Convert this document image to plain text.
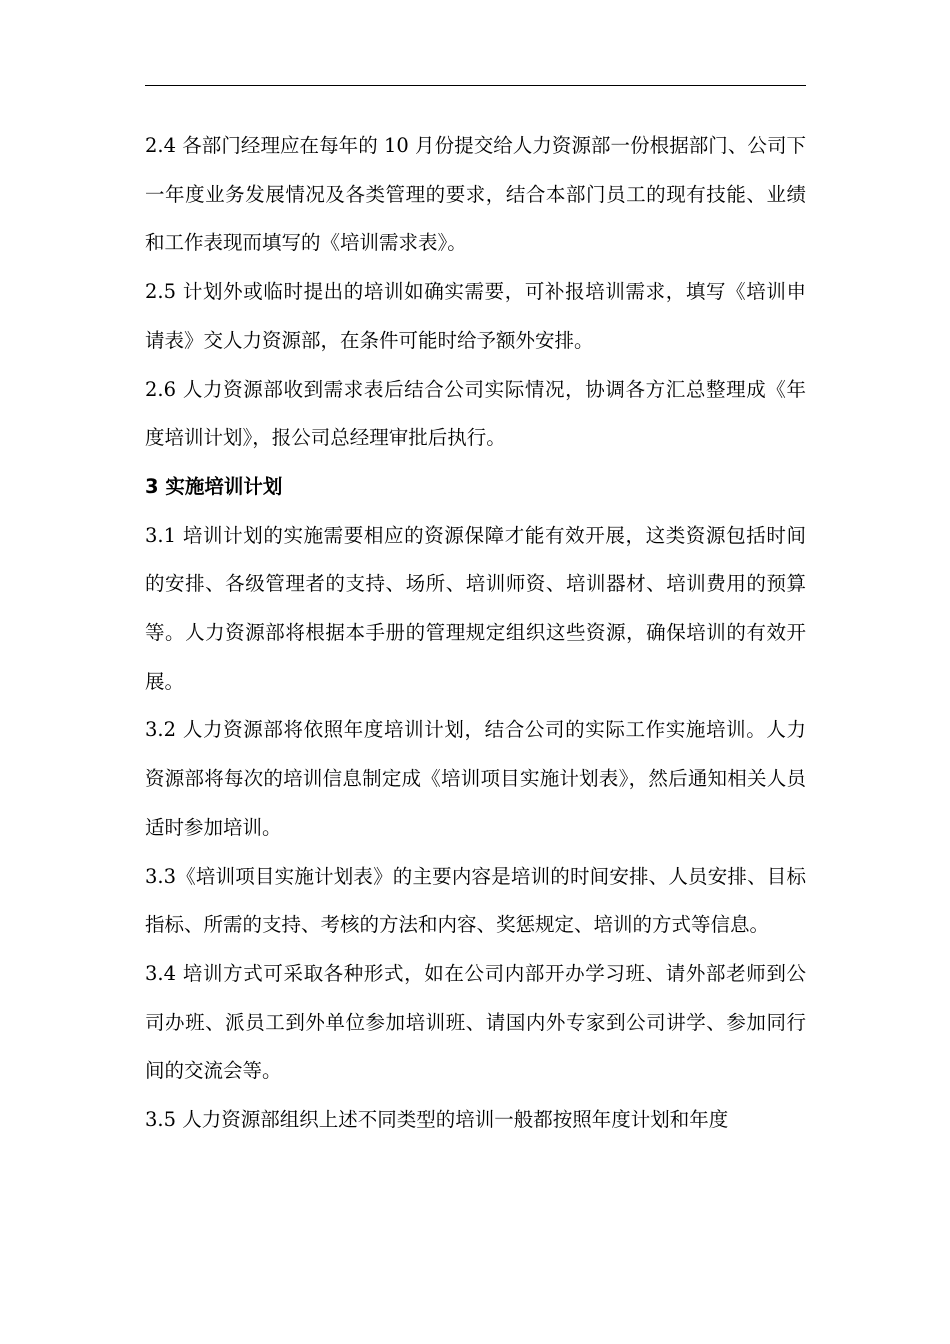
2.4 各部门经理应在每年的 10 月份提交给人力资源部一份根据部门、公司下一年度业务发展情况及各类管理的要求，结合本部门员工的现有技能、业绩和工作表现而填写的《培训需求表》。

2.5 计划外或临时提出的培训如确实需要，可补报培训需求，填写《培训申请表》交人力资源部，在条件可能时给予额外安排。

2.6 人力资源部收到需求表后结合公司实际情况，协调各方汇总整理成《年度培训计划》，报公司总经理审批后执行。

3 实施培训计划

3.1 培训计划的实施需要相应的资源保障才能有效开展，这类资源包括时间的安排、各级管理者的支持、场所、培训师资、培训器材、培训费用的预算等。人力资源部将根据本手册的管理规定组织这些资源，确保培训的有效开展。

3.2 人力资源部将依照年度培训计划，结合公司的实际工作实施培训。人力资源部将每次的培训信息制定成《培训项目实施计划表》，然后通知相关人员适时参加培训。

3.3《培训项目实施计划表》的主要内容是培训的时间安排、人员安排、目标指标、所需的支持、考核的方法和内容、奖惩规定、培训的方式等信息。

3.4 培训方式可采取各种形式，如在公司内部开办学习班、请外部老师到公司办班、派员工到外单位参加培训班、请国内外专家到公司讲学、参加同行间的交流会等。

3.5 人力资源部组织上述不同类型的培训一般都按照年度计划和年度
